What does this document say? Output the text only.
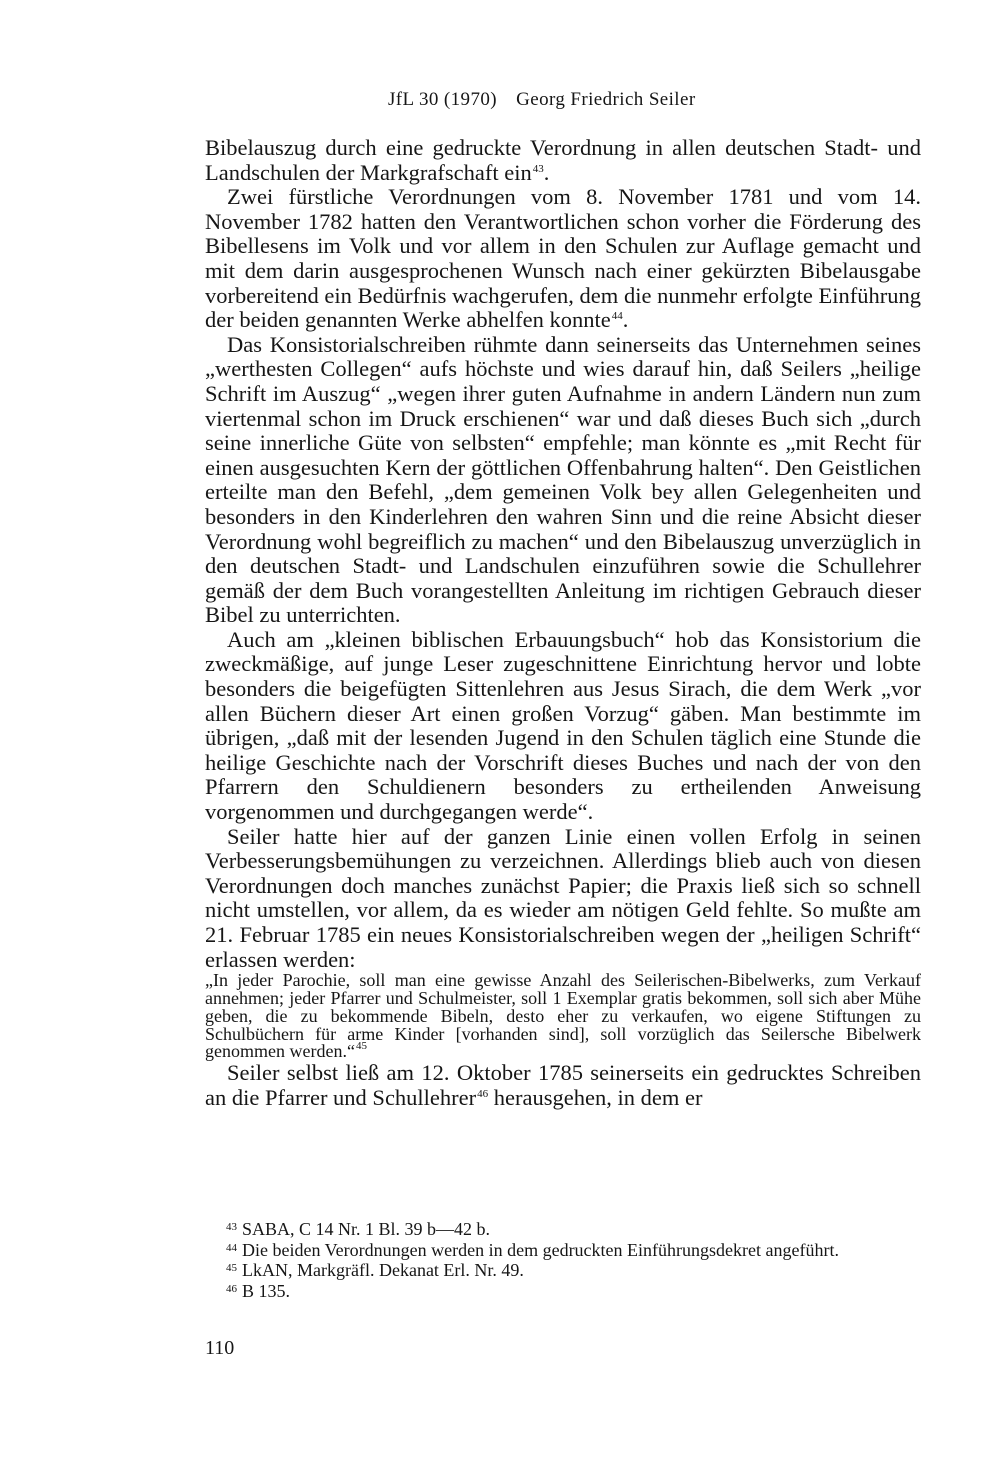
JfL 30 (1970) Georg Friedrich Seiler

Bibelauszug durch eine gedruckte Verordnung in allen deutschen Stadt- und Landschulen der Markgrafschaft ein$^{43}$.

Zwei fürstliche Verordnungen vom 8. November 1781 und vom 14. November 1782 hatten den Verantwortlichen schon vorher die Förderung des Bibellesens im Volk und vor allem in den Schulen zur Auflage gemacht und mit dem darin ausgesprochenen Wunsch nach einer gekürzten Bibelausgabe vorbereitend ein Bedürfnis wachgerufen, dem die nunmehr erfolgte Einführung der beiden genannten Werke abhelfen konnte$^{44}$.

Das Konsistorialschreiben rühmte dann seinerseits das Unternehmen seines „werthesten Collegen“ aufs höchste und wies darauf hin, daß Seilers „heilige Schrift im Auszug“ „wegen ihrer guten Aufnahme in andern Ländern nun zum viertenmal schon im Druck erschienen“ war und daß dieses Buch sich „durch seine innerliche Güte von selbsten“ empfehle; man könnte es „mit Recht für einen ausgesuchten Kern der göttlichen Offenbahrung halten“. Den Geistlichen erteilte man den Befehl, „dem gemeinen Volk bey allen Gelegenheiten und besonders in den Kinderlehren den wahren Sinn und die reine Absicht dieser Verordnung wohl begreiflich zu machen“ und den Bibelauszug unverzüglich in den deutschen Stadt- und Landschulen einzuführen sowie die Schullehrer gemäß der dem Buch vorangestellten Anleitung im richtigen Gebrauch dieser Bibel zu unterrichten.

Auch am „kleinen biblischen Erbauungsbuch“ hob das Konsistorium die zweckmäßige, auf junge Leser zugeschnittene Einrichtung hervor und lobte besonders die beigefügten Sittenlehren aus Jesus Sirach, die dem Werk „vor allen Büchern dieser Art einen großen Vorzug“ gäben. Man bestimmte im übrigen, „daß mit der lesenden Jugend in den Schulen täglich eine Stunde die heilige Geschichte nach der Vorschrift dieses Buches und nach der von den Pfarrern den Schuldienern besonders zu ertheilenden Anweisung vorgenommen und durchgegangen werde“.

Seiler hatte hier auf der ganzen Linie einen vollen Erfolg in seinen Verbesserungsbemühungen zu verzeichnen. Allerdings blieb auch von diesen Verordnungen doch manches zunächst Papier; die Praxis ließ sich so schnell nicht umstellen, vor allem, da es wieder am nötigen Geld fehlte. So mußte am 21. Februar 1785 ein neues Konsistorialschreiben wegen der „heiligen Schrift“ erlassen werden:

„In jeder Parochie, soll man eine gewisse Anzahl des Seilerischen-Bibelwerks, zum Verkauf annehmen; jeder Pfarrer und Schulmeister, soll 1 Exemplar gratis bekommen, soll sich aber Mühe geben, die zu bekommende Bibeln, desto eher zu verkaufen, wo eigene Stiftungen zu Schulbüchern für arme Kinder [vorhanden sind], soll vorzüglich das Seilersche Bibelwerk genommen werden.“$^{45}$

Seiler selbst ließ am 12. Oktober 1785 seinerseits ein gedrucktes Schreiben an die Pfarrer und Schullehrer$^{46}$ herausgehen, in dem er

$^{43}$ SABA, C 14 Nr. 1 Bl. 39 b—42 b.

$^{44}$ Die beiden Verordnungen werden in dem gedruckten Einführungsdekret angeführt.

$^{45}$ LkAN, Markgräfl. Dekanat Erl. Nr. 49.

$^{46}$ B 135.

110
